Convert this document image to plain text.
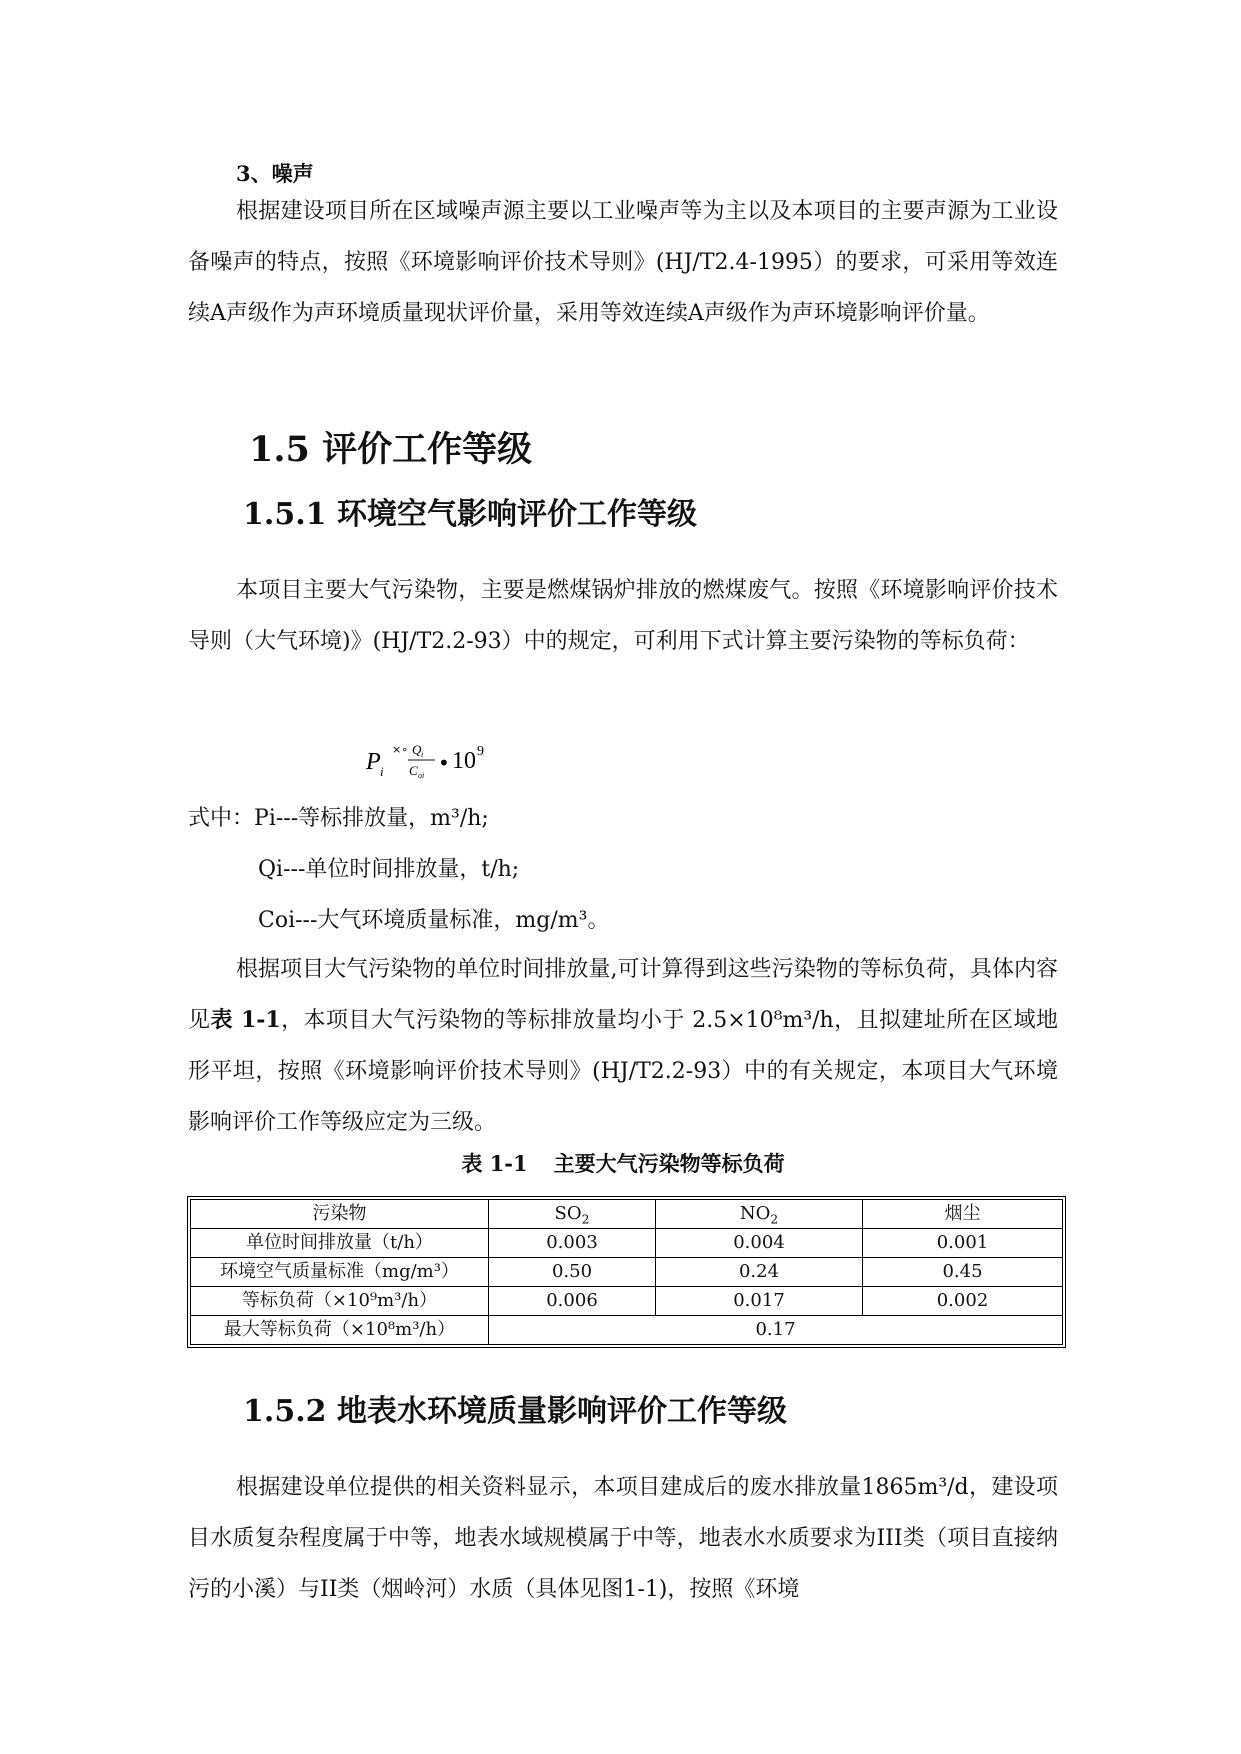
3、噪声

根据建设项目所在区域噪声源主要以工业噪声等为主以及本项目的主要声源为工业设备噪声的特点，按照《环境影响评价技术导则》(HJ/T2.4-1995）的要求，可采用等效连续A声级作为声环境质量现状评价量，采用等效连续A声级作为声环境影响评价量。

1.5 评价工作等级

1.5.1 环境空气影响评价工作等级

本项目主要大气污染物，主要是燃煤锅炉排放的燃煤废气。按照《环境影响评价技术导则（大气环境)》(HJ/T2.2-93）中的规定，可利用下式计算主要污染物的等标负荷：

P i
×∘ Q i
C oi
• 10 9

式中：Pi---等标排放量，m³/h;

Qi---单位时间排放量，t/h;

Coi---大气环境质量标准，mg/m³。

根据项目大气污染物的单位时间排放量,可计算得到这些污染物的等标负荷，具体内容见表 1-1，本项目大气污染物的等标排放量均小于 2.5×10⁸m³/h，且拟建址所在区域地形平坦，按照《环境影响评价技术导则》(HJ/T2.2-93）中的有关规定，本项目大气环境影响评价工作等级应定为三级。

表 1-1 主要大气污染物等标负荷

污染物	$SO_2$	$NO_2$	烟尘
单位时间排放量（t/h）	0.003	0.004	0.001
环境空气质量标准（mg/m³）	0.50	0.24	0.45
等标负荷（×10⁹m³/h）	0.006	0.017	0.002
最大等标负荷（×10⁸m³/h）	0.17		

1.5.2 地表水环境质量影响评价工作等级

根据建设单位提供的相关资料显示，本项目建成后的废水排放量1865m³/d，建设项目水质复杂程度属于中等，地表水域规模属于中等，地表水水质要求为III类（项目直接纳污的小溪）与II类（烟岭河）水质（具体见图1-1)，按照《环境
